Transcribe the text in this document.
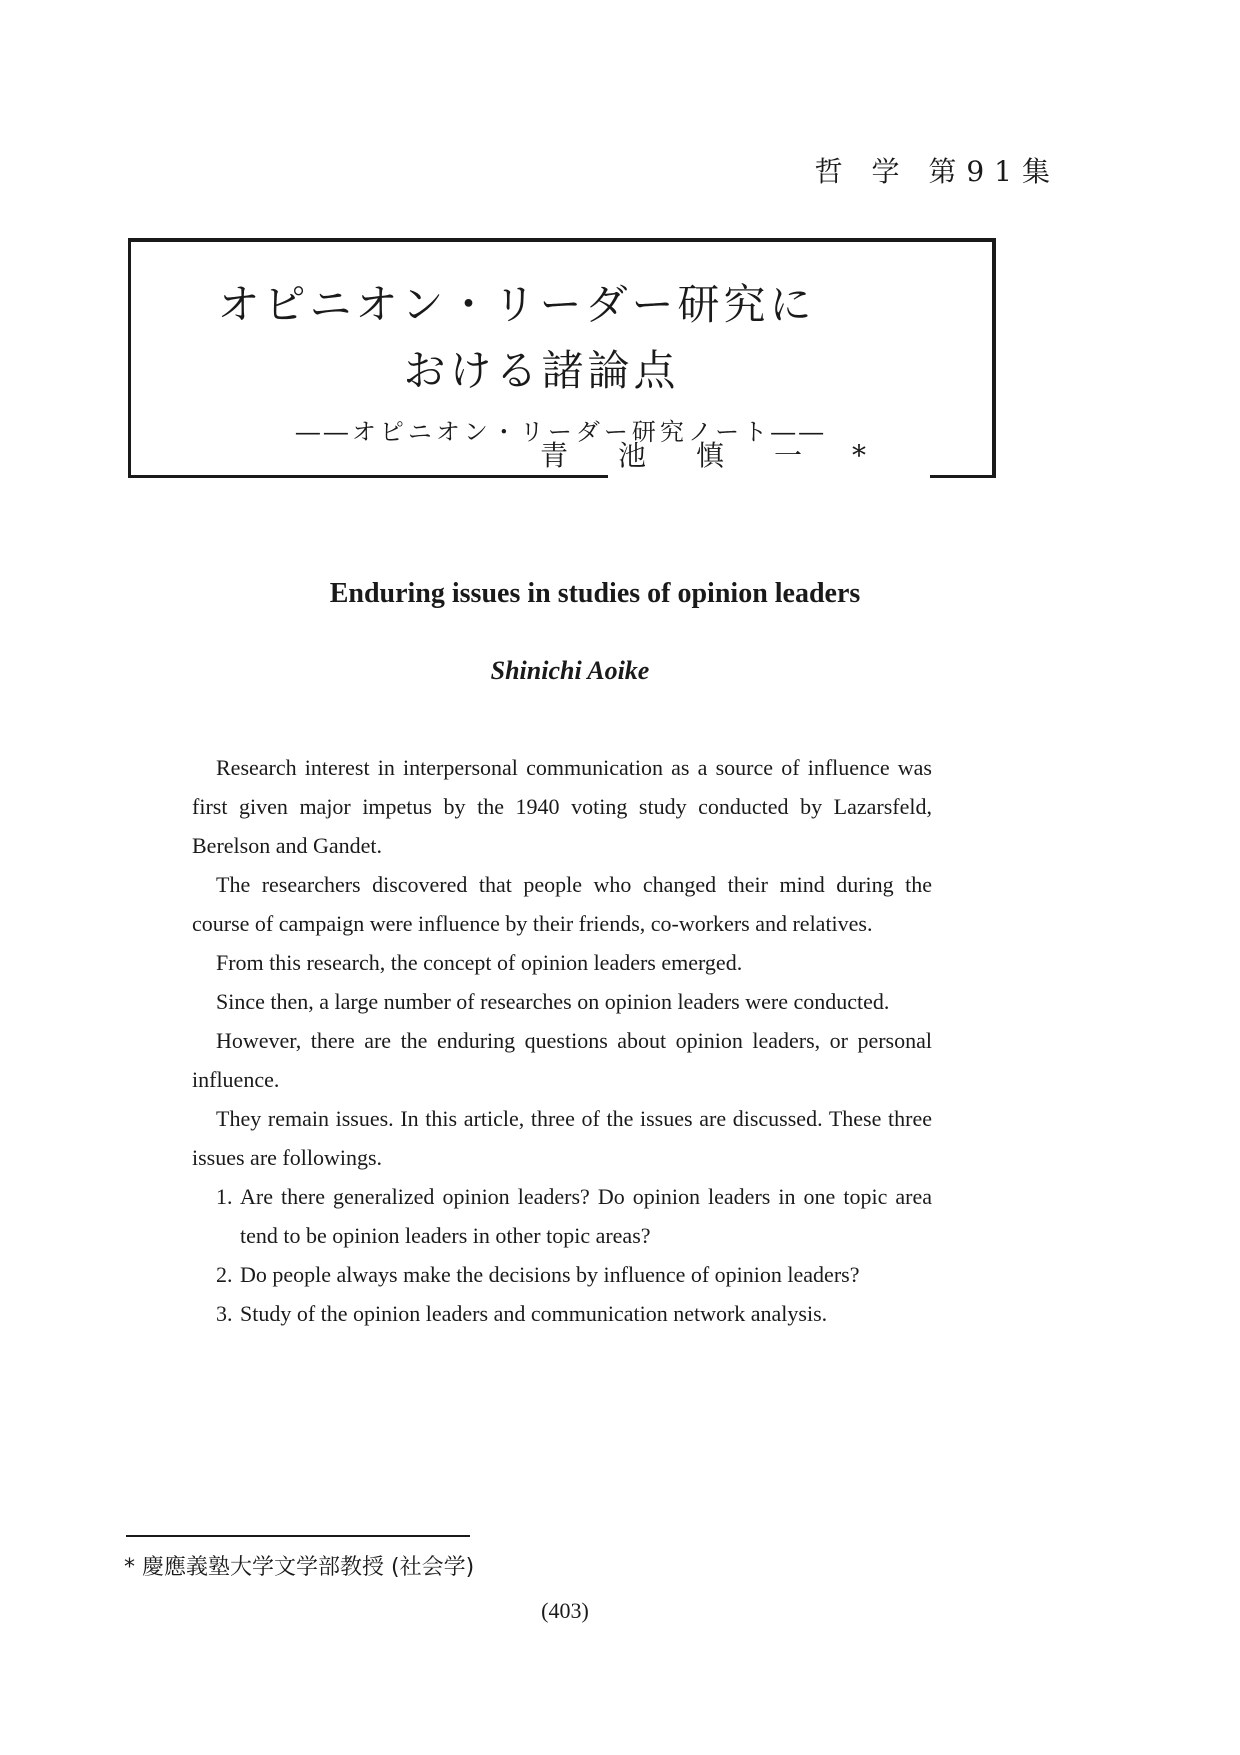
哲 学 第91集
オピニオン・リーダー研究に
おける諸論点
――オピニオン・リーダー研究ノート――
青池慎一*
Enduring issues in studies of opinion leaders
Shinichi Aoike

Research interest in interpersonal communication as a source of influence was first given major impetus by the 1940 voting study conducted by Lazarsfeld, Berelson and Gandet.

The researchers discovered that people who changed their mind during the course of campaign were influence by their friends, co-workers and relatives.

From this research, the concept of opinion leaders emerged.

Since then, a large number of researches on opinion leaders were conducted.

However, there are the enduring questions about opinion leaders, or personal influence.

They remain issues. In this article, three of the issues are discussed. These three issues are followings.

1. Are there generalized opinion leaders? Do opinion leaders in one topic area tend to be opinion leaders in other topic areas?
2. Do people always make the decisions by influence of opinion leaders?
3. Study of the opinion leaders and communication network analysis.
* 慶應義塾大学文学部教授 (社会学)
(403)
